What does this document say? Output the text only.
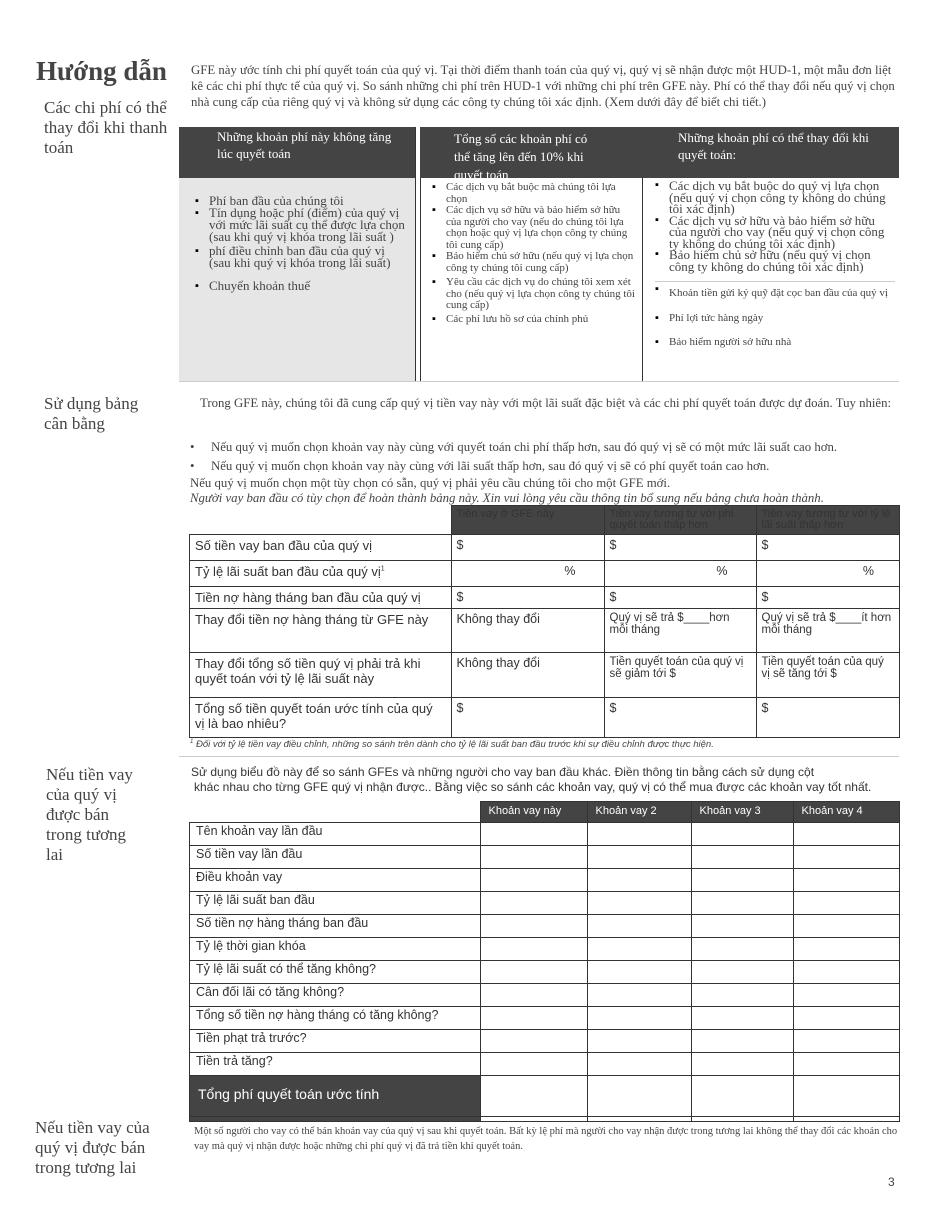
Hướng dẫn GFE này ước tính chi phí quyết toán của quý vị. Tại thời điểm thanh toán của quý vị, quý vị sẽ nhận được một HUD-1, một mẫu đơn liệt kê các chi phí thực tế của quý vị. So sánh những chi phí trên HUD-1 với những chi phí trên GFE này. Phí có thể thay đổi nếu quý vị chọn nhà cung cấp của riêng quý vị và không sử dụng các công ty chúng tôi xác định. (Xem dưới đây để biết chi tiết.)
Các chi phí có thể thay đổi khi thanh toán
Những khoản phí này không tăng lúc quyết toán
▪ Phí ban đầu của chúng tôi
▪ Tín dụng hoặc phí (điểm) của quý vị với mức lãi suất cụ thể được lựa chọn (sau khi quý vị khóa trong lãi suất )
▪ phí điều chỉnh ban đầu của quý vị (sau khi quý vị khóa trong lãi suất)
▪ Chuyển khoản thuế
Tổng số các khoản phí có thể tăng lên đến 10% khi quyết toán
▪ Các dịch vụ bắt buộc mà chúng tôi lựa chọn
▪ Các dịch vụ sở hữu và bảo hiểm sở hữu của người cho vay (nếu do chúng tôi lựa chọn hoặc quý vị lựa chọn công ty chúng tôi cung cấp)
▪ Bảo hiểm chủ sở hữu (nếu quý vị lựa chọn công ty chúng tôi cung cấp)
▪ Yêu cầu các dịch vụ do chúng tôi xem xét cho (nếu quý vị lựa chọn công ty chúng tôi cung cấp)
▪ Các phí lưu hồ sơ của chính phủ
Những khoản phí có thể thay đổi khi quyết toán:
▪ Các dịch vụ bắt buộc do quý vị lựa chọn (nếu quý vị chọn công ty không do chúng tôi xác định)
▪ Các dịch vụ sở hữu và bảo hiểm sở hữu của người cho vay (nếu quý vị chọn công ty không do chúng tôi xác định)
▪ Bảo hiểm chủ sở hữu (nếu quý vị chọn công ty không do chúng tôi xác định)
▪ Khoản tiền gửi ký quỹ đặt cọc ban đầu của quý vị
▪ Phí lợi tức hàng ngày
▪ Bảo hiểm người sở hữu nhà
Sử dụng bảng cân bằng
Trong GFE này, chúng tôi đã cung cấp quý vị tiền vay này với một lãi suất đặc biệt và các chi phí quyết toán được dự đoán. Tuy nhiên:
• Nếu quý vị muốn chọn khoản vay này cùng với quyết toán chi phí thấp hơn, sau đó quý vị sẽ có một mức lãi suất cao hơn.
• Nếu quý vị muốn chọn khoản vay này cùng với lãi suất thấp hơn, sau đó quý vị sẽ có phí quyết toán cao hơn.
Nếu quý vị muốn chọn một tùy chọn có sẵn, quý vị phải yêu cầu chúng tôi cho một GFE mới.
Người vay ban đầu có tùy chọn để hoàn thành bảng này. Xin vui lòng yêu cầu thông tin bổ sung nếu bảng chưa hoàn thành.
	Tiền vay ở GFE này	Tiền vay tương tự với phí quyết toán thấp hơn	Tiền vay tương tự với tỷ lệ lãi suất thấp hơn
Số tiền vay ban đầu của quý vị	$	$	$
Tỷ lệ lãi suất ban đầu của quý vị$^1$	%	%	%
Tiền nợ hàng tháng ban đầu của quý vị	$	$	$
Thay đổi tiền nợ hàng tháng từ GFE này	Không thay đổi	Quý vị sẽ trả $____hơn mỗi tháng	Quý vị sẽ trả $____ít hơn mỗi tháng
Thay đổi tổng số tiền quý vị phải trả khi quyết toán với tỷ lệ lãi suất này	Không thay đổi	Tiền quyết toán của quý vị sẽ giảm tới $	Tiền quyết toán của quý vị sẽ tăng tới $
Tổng số tiền quyết toán ước tính của quý vị là bao nhiêu?	$	$	$
$^1$ Đối với tỷ lệ tiền vay điều chỉnh, những so sánh trên dành cho tỷ lệ lãi suất ban đầu trước khi sự điều chỉnh được thực hiện.
Nếu tiền vay của quý vị được bán trong tương lai
Sử dụng biểu đồ này để so sánh GFEs và những người cho vay ban đầu khác. Điền thông tin bằng cách sử dụng cột
khác nhau cho từng GFE quý vị nhận được.. Bằng việc so sánh các khoản vay, quý vị có thể mua được các khoản vay tốt nhất.
	Khoản vay này	Khoản vay 2	Khoản vay 3	Khoản vay 4
Tên khoản vay lần đầu				
Số tiền vay lần đầu				
Điều khoản vay				
Tỷ lệ lãi suất ban đầu				
Số tiền nợ hàng tháng ban đầu				
Tỷ lệ thời gian khóa				
Tỷ lệ lãi suất có thể tăng không?				
Cân đối lãi có tăng không?				
Tổng số tiền nợ hàng tháng có tăng không?				
Tiền phạt trả trước?				
Tiền trả tăng?				
Tổng phí quyết toán ước tính				
Nếu tiền vay của quý vị được bán trong tương lai
Một số người cho vay có thể bán khoản vay của quý vị sau khi quyết toán. Bất kỳ lệ phí mà người cho vay nhận được trong tương lai không thể thay đổi các khoản cho vay mà quý vị nhận được hoặc những chi phí quý vị đã trả tiền khi quyết toán.
3
